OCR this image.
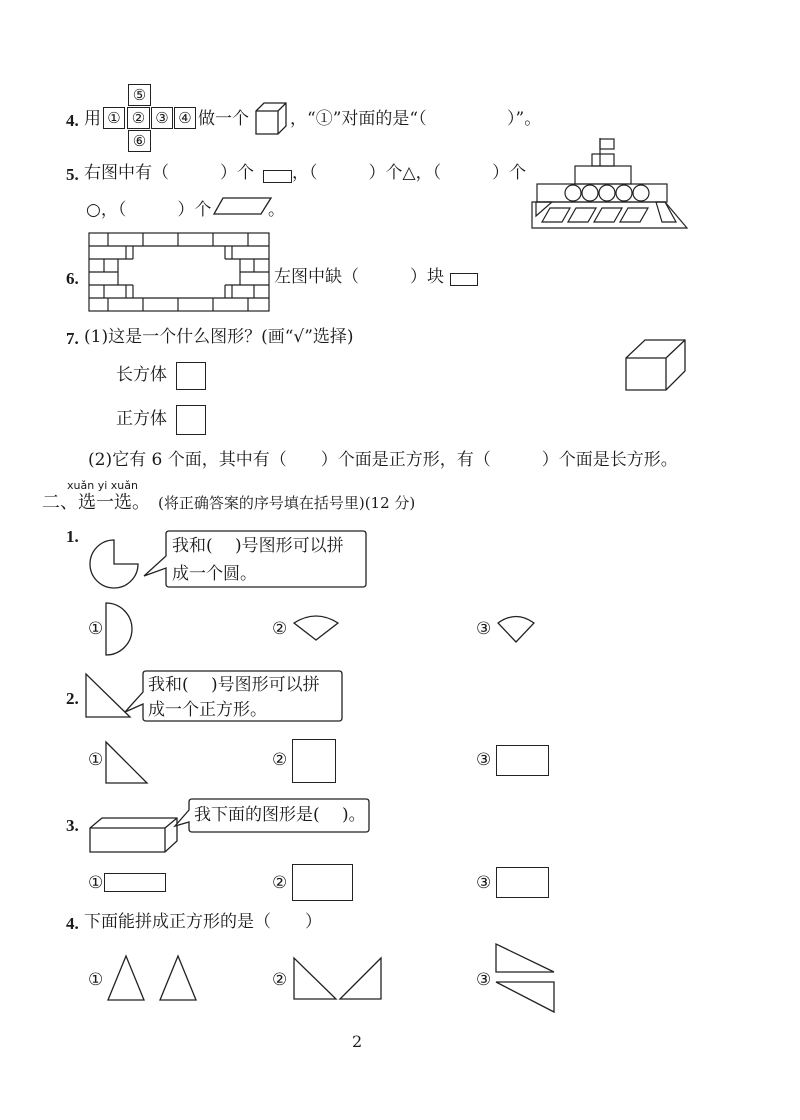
4. 用
⑤
① ② ③ ④
⑥
做一个 ，“①”对面的是“（	）”。
5. 右图中有（　　　）个 ，（　　　）个△，（　　　）个
○，（　　　）个	。
6.	左图中缺（　　　）块
7. (1)这是一个什么图形？(画“√”选择)
长方体
正方体
(2)它有 6 个面，其中有（　　）个面是正方形，有（　　　）个面是长方形。
xuǎn yi xuǎn
二、选一选。 (将正确答案的序号填在括号里)(12 分)
1.	我和(　 )号图形可以拼
成一个圆。
①	②	③
2.
我和(　 )号图形可以拼
成一个正方形。
①	②	③
3.
我下面的图形是(　 )。
①	②	③
4. 下面能拼成正方形的是（　　）
①	②	③
2
